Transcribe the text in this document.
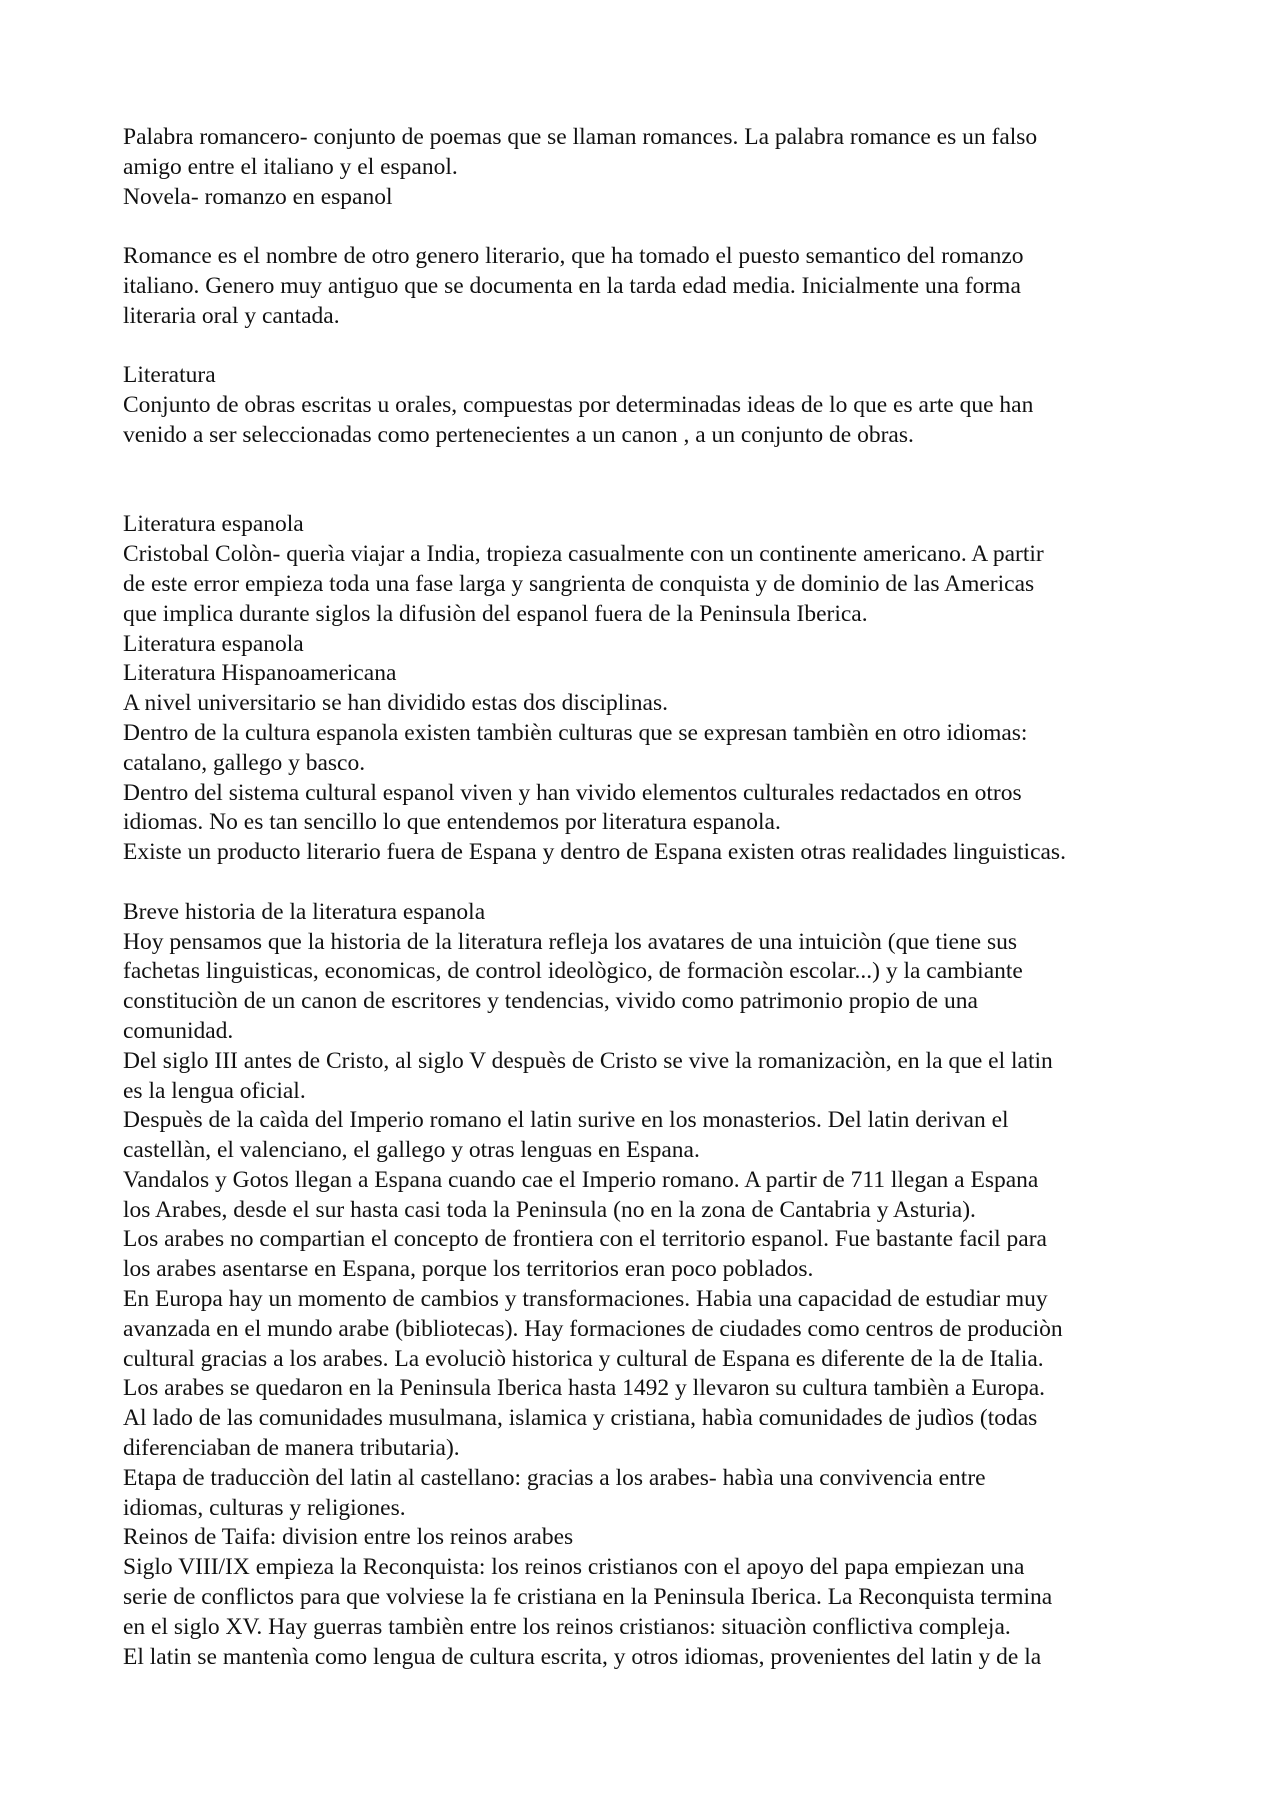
Palabra romancero- conjunto de poemas que se llaman romances. La palabra romance es un falso
amigo entre el italiano y el espanol.
Novela- romanzo en espanol
Romance es el nombre de otro genero literario, que ha tomado el puesto semantico del romanzo
italiano. Genero muy antiguo que se documenta en la tarda edad media. Inicialmente una forma
literaria oral y cantada.
Literatura
Conjunto de obras escritas u orales, compuestas por determinadas ideas de lo que es arte que han
venido a ser seleccionadas como pertenecientes a un canon , a un conjunto de obras.
Literatura espanola
Cristobal Colòn- querìa viajar a India, tropieza casualmente con un continente americano. A partir
de este error empieza toda una fase larga y sangrienta de conquista y de dominio de las Americas
que implica durante siglos la difusiòn del espanol fuera de la Peninsula Iberica.
Literatura espanola
Literatura Hispanoamericana
A nivel universitario se han dividido estas dos disciplinas.
Dentro de la cultura espanola existen tambièn culturas que se expresan tambièn en otro idiomas:
catalano, gallego y basco.
Dentro del sistema cultural espanol viven y han vivido elementos culturales redactados en otros
idiomas. No es tan sencillo lo que entendemos por literatura espanola.
Existe un producto literario fuera de Espana y dentro de Espana existen otras realidades linguisticas.
Breve historia de la literatura espanola
Hoy pensamos que la historia de la literatura refleja los avatares de una intuiciòn (que tiene sus
fachetas linguisticas, economicas, de control ideològico, de formaciòn escolar...) y la cambiante
constituciòn de un canon de escritores y tendencias, vivido como patrimonio propio de una
comunidad.
Del siglo III antes de Cristo, al siglo V despuès de Cristo se vive la romanizaciòn, en la que el latin
es la lengua oficial.
Despuès de la caìda del Imperio romano el latin surive en los monasterios. Del latin derivan el
castellàn, el valenciano, el gallego y otras lenguas en Espana.
Vandalos y Gotos llegan a Espana cuando cae el Imperio romano. A partir de 711 llegan a Espana
los Arabes, desde el sur hasta casi toda la Peninsula (no en la zona de Cantabria y Asturia).
Los arabes no compartian el concepto de frontiera con el territorio espanol. Fue bastante facil para
los arabes asentarse en Espana, porque los territorios eran poco poblados.
En Europa hay un momento de cambios y transformaciones. Habia una capacidad de estudiar muy
avanzada en el mundo arabe (bibliotecas). Hay formaciones de ciudades como centros de produciòn
cultural gracias a los arabes. La evoluciò historica y cultural de Espana es diferente de la de Italia.
Los arabes se quedaron en la Peninsula Iberica hasta 1492 y llevaron su cultura tambièn a Europa.
Al lado de las comunidades musulmana, islamica y cristiana, habìa comunidades de judìos (todas
diferenciaban de manera tributaria).
Etapa de traducciòn del latin al castellano: gracias a los arabes- habìa una convivencia entre
idiomas, culturas y religiones.
Reinos de Taifa: division entre los reinos arabes
Siglo VIII/IX empieza la Reconquista: los reinos cristianos con el apoyo del papa empiezan una
serie de conflictos para que volviese la fe cristiana en la Peninsula Iberica. La Reconquista termina
en el siglo XV. Hay guerras tambièn entre los reinos cristianos: situaciòn conflictiva compleja.
El latin se mantenìa como lengua de cultura escrita, y otros idiomas, provenientes del latin y de la
